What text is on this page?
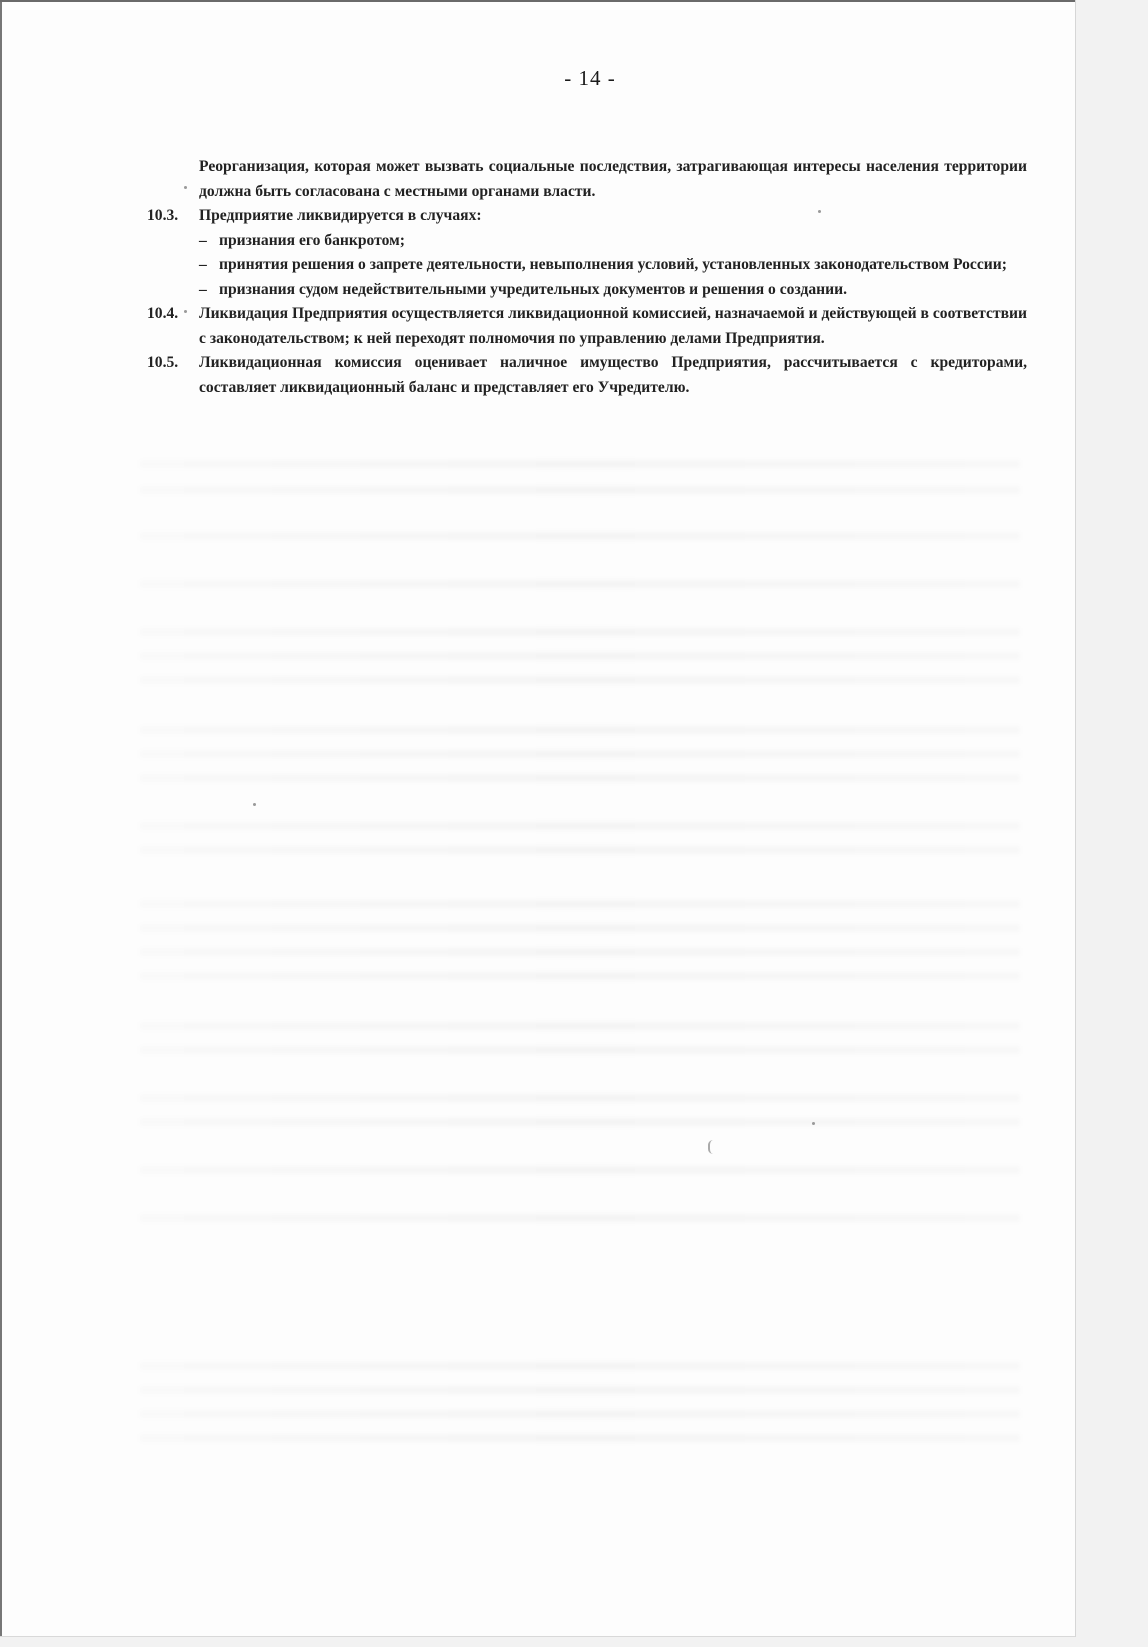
- 14 -

Реорганизация, которая может вызвать социальные последствия, затрагивающая интересы населения территории должна быть согласована с местными органами власти.

10.3. Предприятие ликвидируется в случаях:
– признания его банкротом;
– принятия решения о запрете деятельности, невыполнения условий, установленных законодательством России;
– признания судом недействительными учредительных документов и решения о создании.
10.4. Ликвидация Предприятия осуществляется ликвидационной комиссией, назначаемой и действующей в соответствии с законодательством; к ней переходят полномочия по управлению делами Предприятия.
10.5. Ликвидационная комиссия оценивает наличное имущество Предприятия, рассчитывается с кредиторами, составляет ликвидационный баланс и представляет его Учредителю.
